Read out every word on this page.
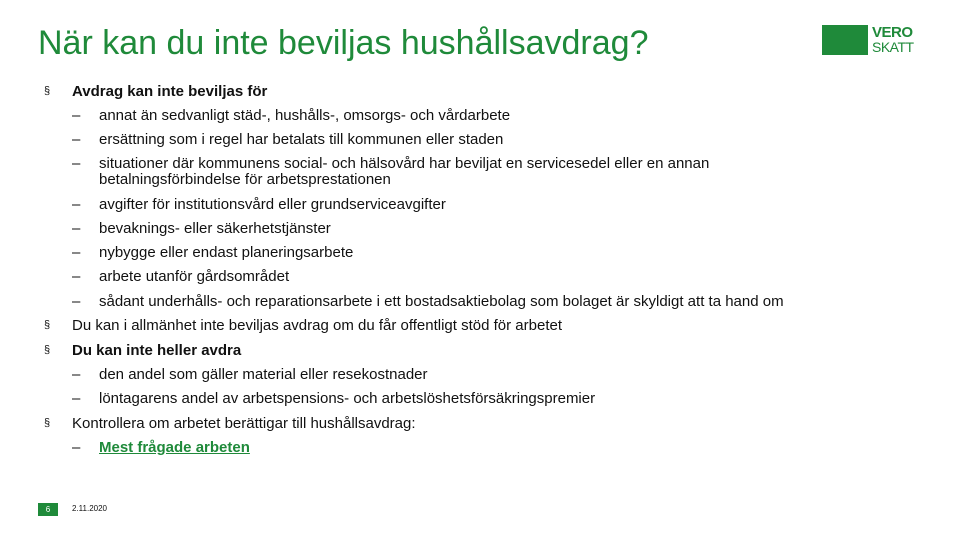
När kan du inte beviljas hushållsavdrag?	VERO
SKATT
§ Avdrag kan inte beviljas för
– annat än sedvanligt städ-, hushålls-, omsorgs- och vårdarbete
– ersättning som i regel har betalats till kommunen eller staden
– situationer där kommunens social- och hälsovård har beviljat en servicesedel eller en annan
betalningsförbindelse för arbetsprestationen
– avgifter för institutionsvård eller grundserviceavgifter
– bevaknings- eller säkerhetstjänster
– nybygge eller endast planeringsarbete
– arbete utanför gårdsområdet
– sådant underhålls- och reparationsarbete i ett bostadsaktiebolag som bolaget är skyldigt att ta hand om
§ Du kan i allmänhet inte beviljas avdrag om du får offentligt stöd för arbetet
§ Du kan inte heller avdra
– den andel som gäller material eller resekostnader
– löntagarens andel av arbetspensions- och arbetslöshetsförsäkringspremier
§ Kontrollera om arbetet berättigar till hushållsavdrag:
– Mest frågade arbeten
6	2.11.2020
